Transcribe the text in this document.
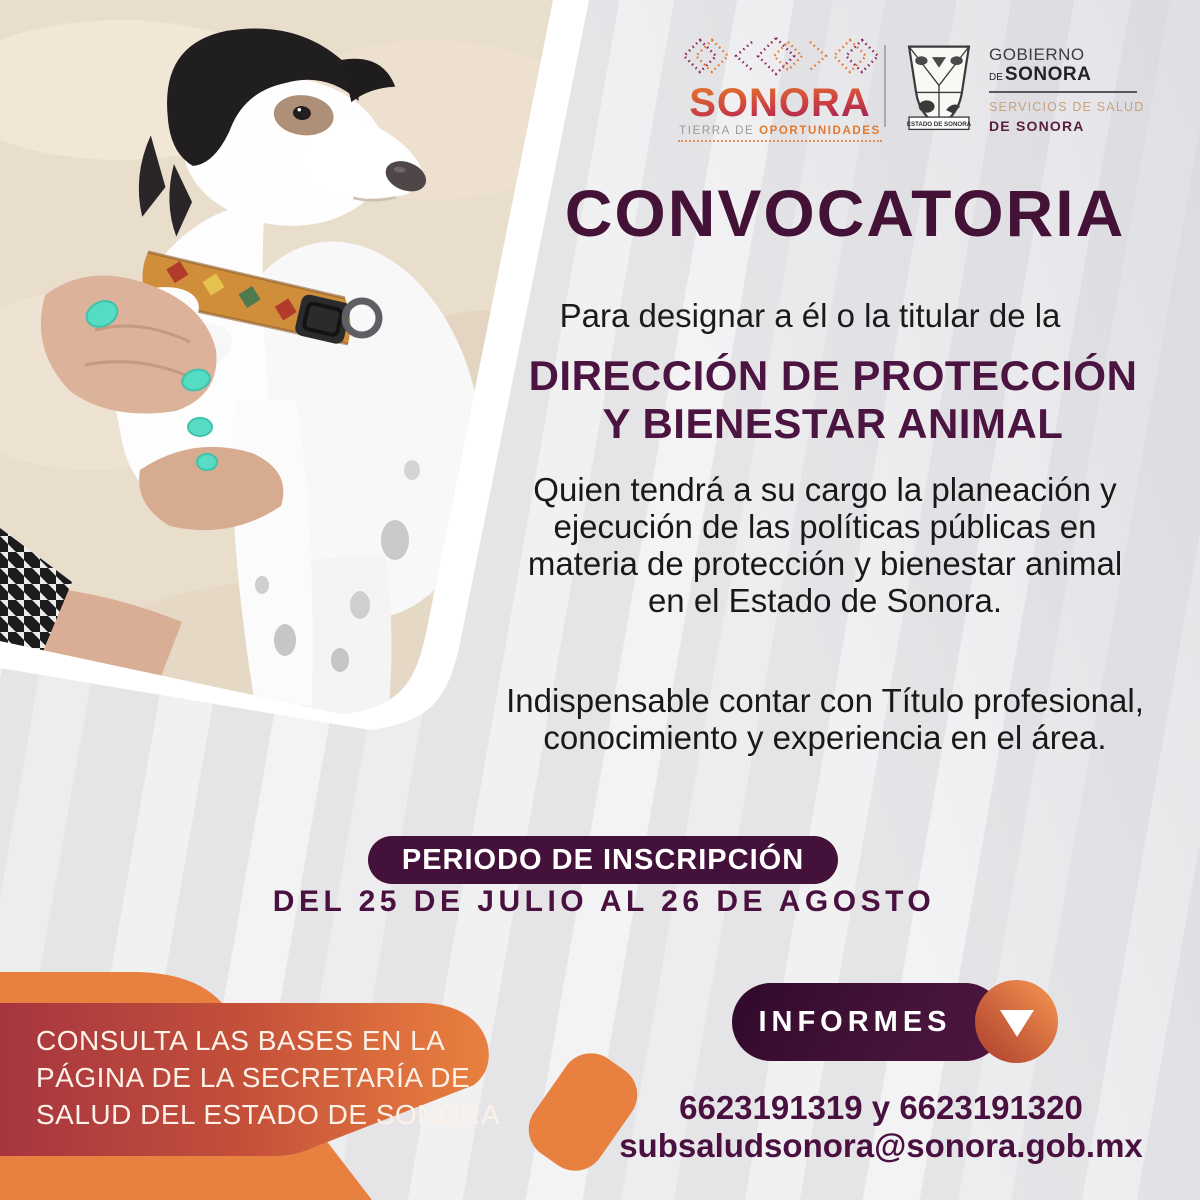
SONORA
TIERRA DE OPORTUNIDADES
ESTADO DE SONORA
GOBIERNO
DE SONORA
SERVICIOS DE SALUD
DE SONORA
CONVOCATORIA
Para designar a él o la titular de la
DIRECCIÓN DE PROTECCIÓN
Y BIENESTAR ANIMAL
Quien tendrá a su cargo la planeación y
ejecución de las políticas públicas en
materia de protección y bienestar animal
en el Estado de Sonora.
Indispensable contar con Título profesional,
conocimiento y experiencia en el área.
PERIODO DE INSCRIPCIÓN
DEL 25 DE JULIO AL 26 DE AGOSTO
CONSULTA LAS BASES EN LA
PÁGINA DE LA SECRETARÍA DE
SALUD DEL ESTADO DE SONORA
INFORMES
6623191319 y 6623191320
subsaludsonora@sonora.gob.mx
